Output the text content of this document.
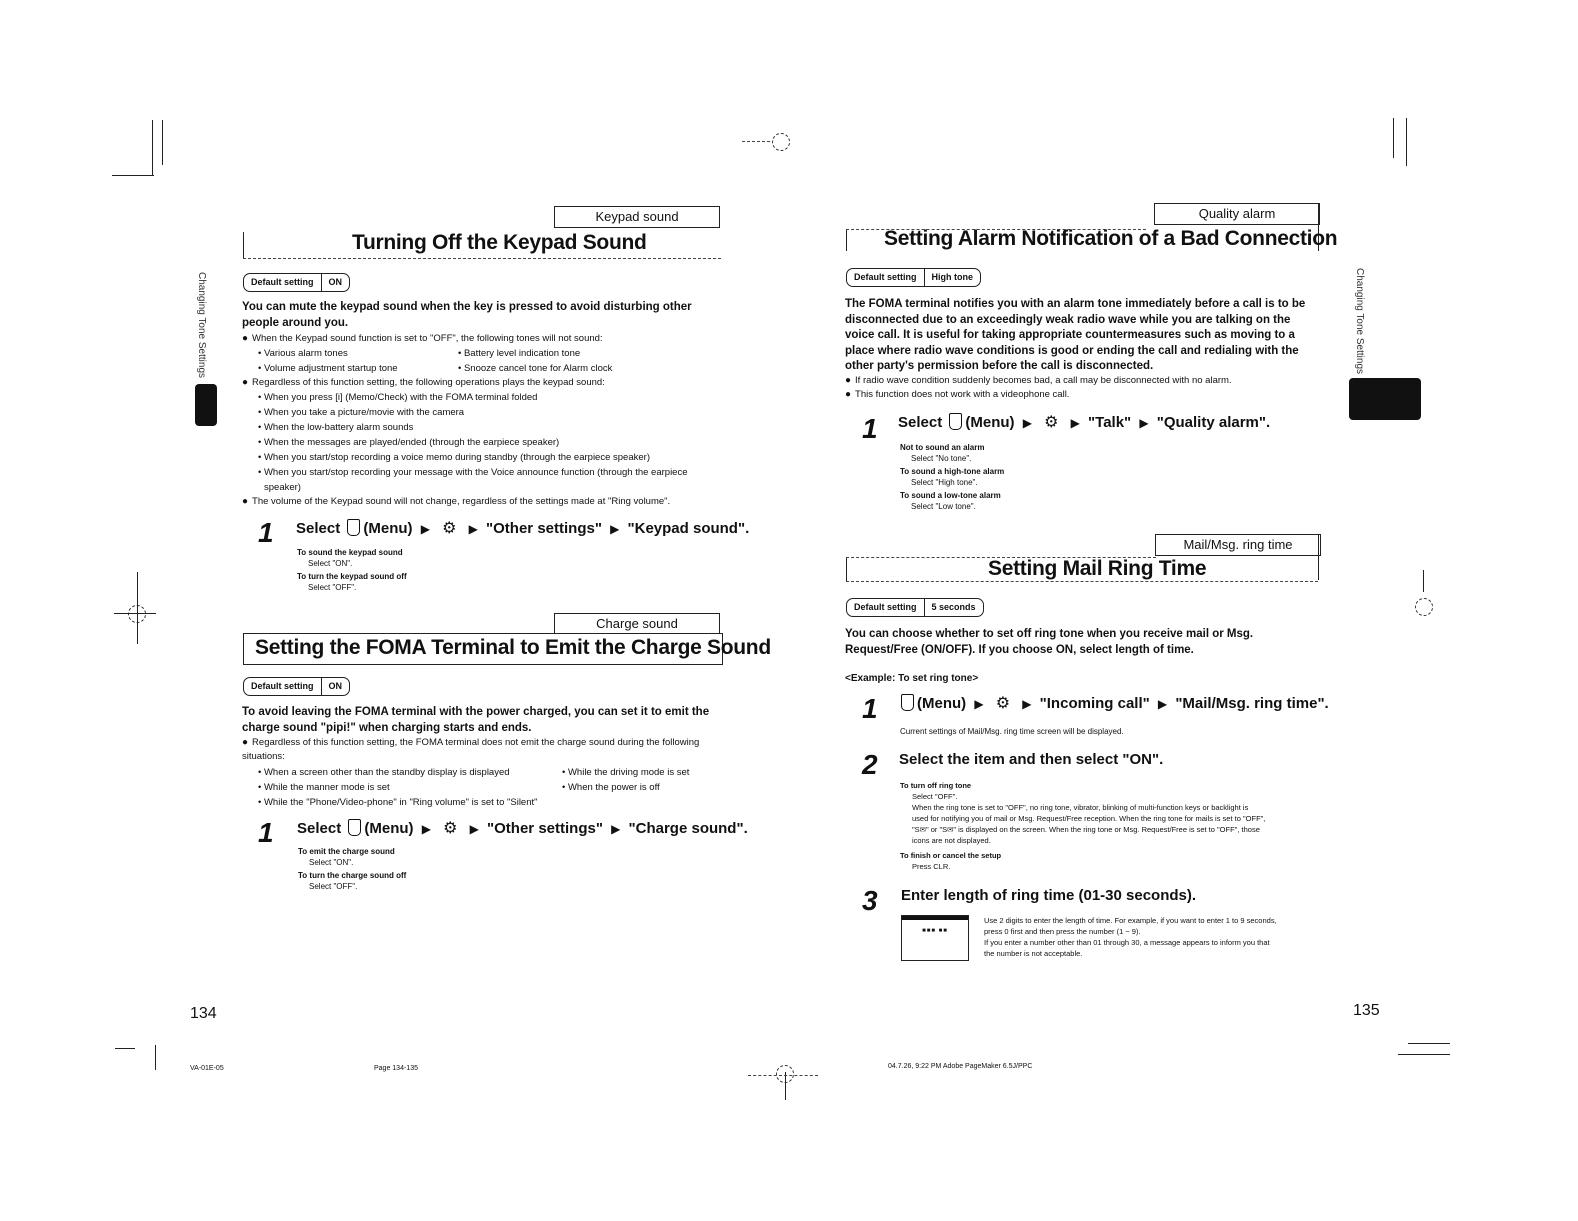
Changing Tone Settings
Keypad sound
Turning Off the Keypad Sound
Default setting	ON
You can mute the keypad sound when the key is pressed to avoid disturbing other people around you.
● When the Keypad sound function is set to "OFF", the following tones will not sound:
• Various alarm tones	• Battery level indication tone
• Volume adjustment startup tone	• Snooze cancel tone for Alarm clock
● Regardless of this function setting, the following operations plays the keypad sound:
• When you press [i] (Memo/Check) with the FOMA terminal folded
• When you take a picture/movie with the camera
• When the low-battery alarm sounds
• When the messages are played/ended (through the earpiece speaker)
• When you start/stop recording a voice memo during standby (through the earpiece speaker)
• When you start/stop recording your message with the Voice announce function (through the earpiece
speaker)
● The volume of the Keypad sound will not change, regardless of the settings made at "Ring volume".
1 Select (Menu) ▶ ⚙ ▶ "Other settings" ▶ "Keypad sound".
To sound the keypad sound
Select "ON".
To turn the keypad sound off
Select "OFF".
Charge sound
Setting the FOMA Terminal to Emit the Charge Sound
Default setting	ON
To avoid leaving the FOMA terminal with the power charged, you can set it to emit the charge sound "pipi!" when charging starts and ends.
● Regardless of this function setting, the FOMA terminal does not emit the charge sound during the following situations:
• When a screen other than the standby display is displayed	• While the driving mode is set
• While the manner mode is set	• When the power is off
• While the "Phone/Video-phone" in "Ring volume" is set to "Silent"
1 Select (Menu) ▶ ⚙ ▶ "Other settings" ▶ "Charge sound".
To emit the charge sound
Select "ON".
To turn the charge sound off
Select "OFF".
134
VA-01E-05	Page 134-135
Changing Tone Settings
Quality alarm
Setting Alarm Notification of a Bad Connection
Default setting	High tone
The FOMA terminal notifies you with an alarm tone immediately before a call is to be disconnected due to an exceedingly weak radio wave while you are talking on the voice call. It is useful for taking appropriate countermeasures such as moving to a place where radio wave conditions is good or ending the call and redialing with the other party's permission before the call is disconnected.
● If radio wave condition suddenly becomes bad, a call may be disconnected with no alarm.
● This function does not work with a videophone call.
1 Select (Menu) ▶ ⚙ ▶ "Talk" ▶ "Quality alarm".
Not to sound an alarm
Select "No tone".
To sound a high-tone alarm
Select "High tone".
To sound a low-tone alarm
Select "Low tone".
Mail/Msg. ring time
Setting Mail Ring Time
Default setting	5 seconds
You can choose whether to set off ring tone when you receive mail or Msg. Request/Free (ON/OFF). If you choose ON, select length of time.
<Example: To set ring tone>
1	(Menu) ▶ ⚙ ▶ "Incoming call" ▶ "Mail/Msg. ring time".
Current settings of Mail/Msg. ring time screen will be displayed.
2 Select the item and then select "ON".
To turn off ring tone
Select "OFF".
When the ring tone is set to "OFF", no ring tone, vibrator, blinking of multi-function keys or backlight is
used for notifying you of mail or Msg. Request/Free reception. When the ring tone for mails is set to "OFF",
"S✉" or "S✉" is displayed on the screen. When the ring tone or Msg. Request/Free is set to "OFF", those
icons are not displayed.
To finish or cancel the setup
Press CLR.
3 Enter length of ring time (01-30 seconds).
■■■ ■■
Use 2 digits to enter the length of time. For example, if you want to enter 1 to 9 seconds,
press 0 first and then press the number (1 ~ 9).
If you enter a number other than 01 through 30, a message appears to inform you that
the number is not acceptable.
135
04.7.26, 9:22 PM Adobe PageMaker 6.5J/PPC
